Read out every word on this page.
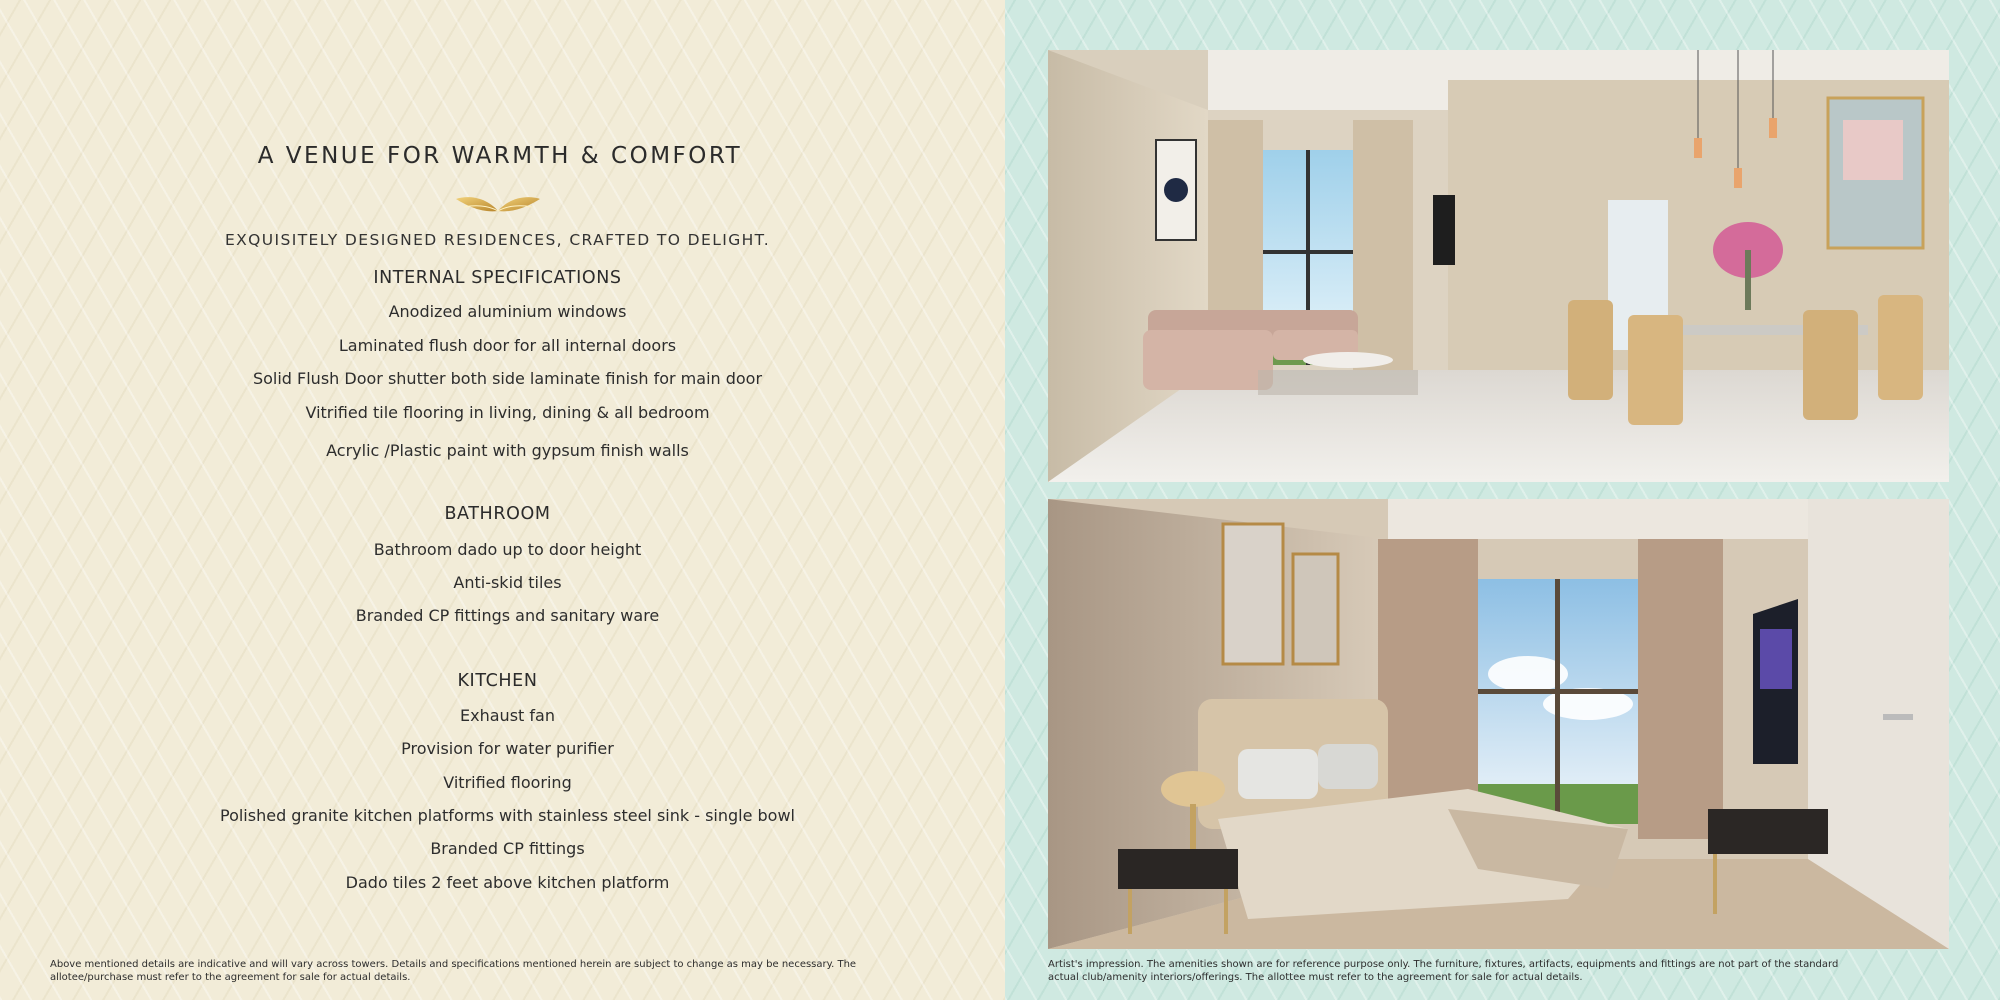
A VENUE FOR WARMTH & COMFORT
EXQUISITELY DESIGNED RESIDENCES, CRAFTED TO DELIGHT.
INTERNAL SPECIFICATIONS
Anodized aluminium windows
Laminated flush door for all internal doors
Solid Flush Door shutter both side laminate finish for main door
Vitrified tile flooring in living, dining & all bedroom
Acrylic /Plastic paint with gypsum finish walls
BATHROOM
Bathroom dado up to door height
Anti-skid tiles
Branded CP fittings and sanitary ware
KITCHEN
Exhaust fan
Provision for water purifier
Vitrified flooring
Polished granite kitchen platforms with stainless steel sink - single bowl
Branded CP fittings
Dado tiles 2 feet above kitchen platform
Above mentioned details are indicative and will vary across towers. Details and specifications mentioned herein are subject to change as may be necessary. The
allotee/purchase must refer to the agreement for sale for actual details.
Artist's impression. The amenities shown are for reference purpose only. The furniture, fixtures, artifacts, equipments and fittings are not part of the standard
actual club/amenity interiors/offerings. The allottee must refer to the agreement for sale for actual details.
